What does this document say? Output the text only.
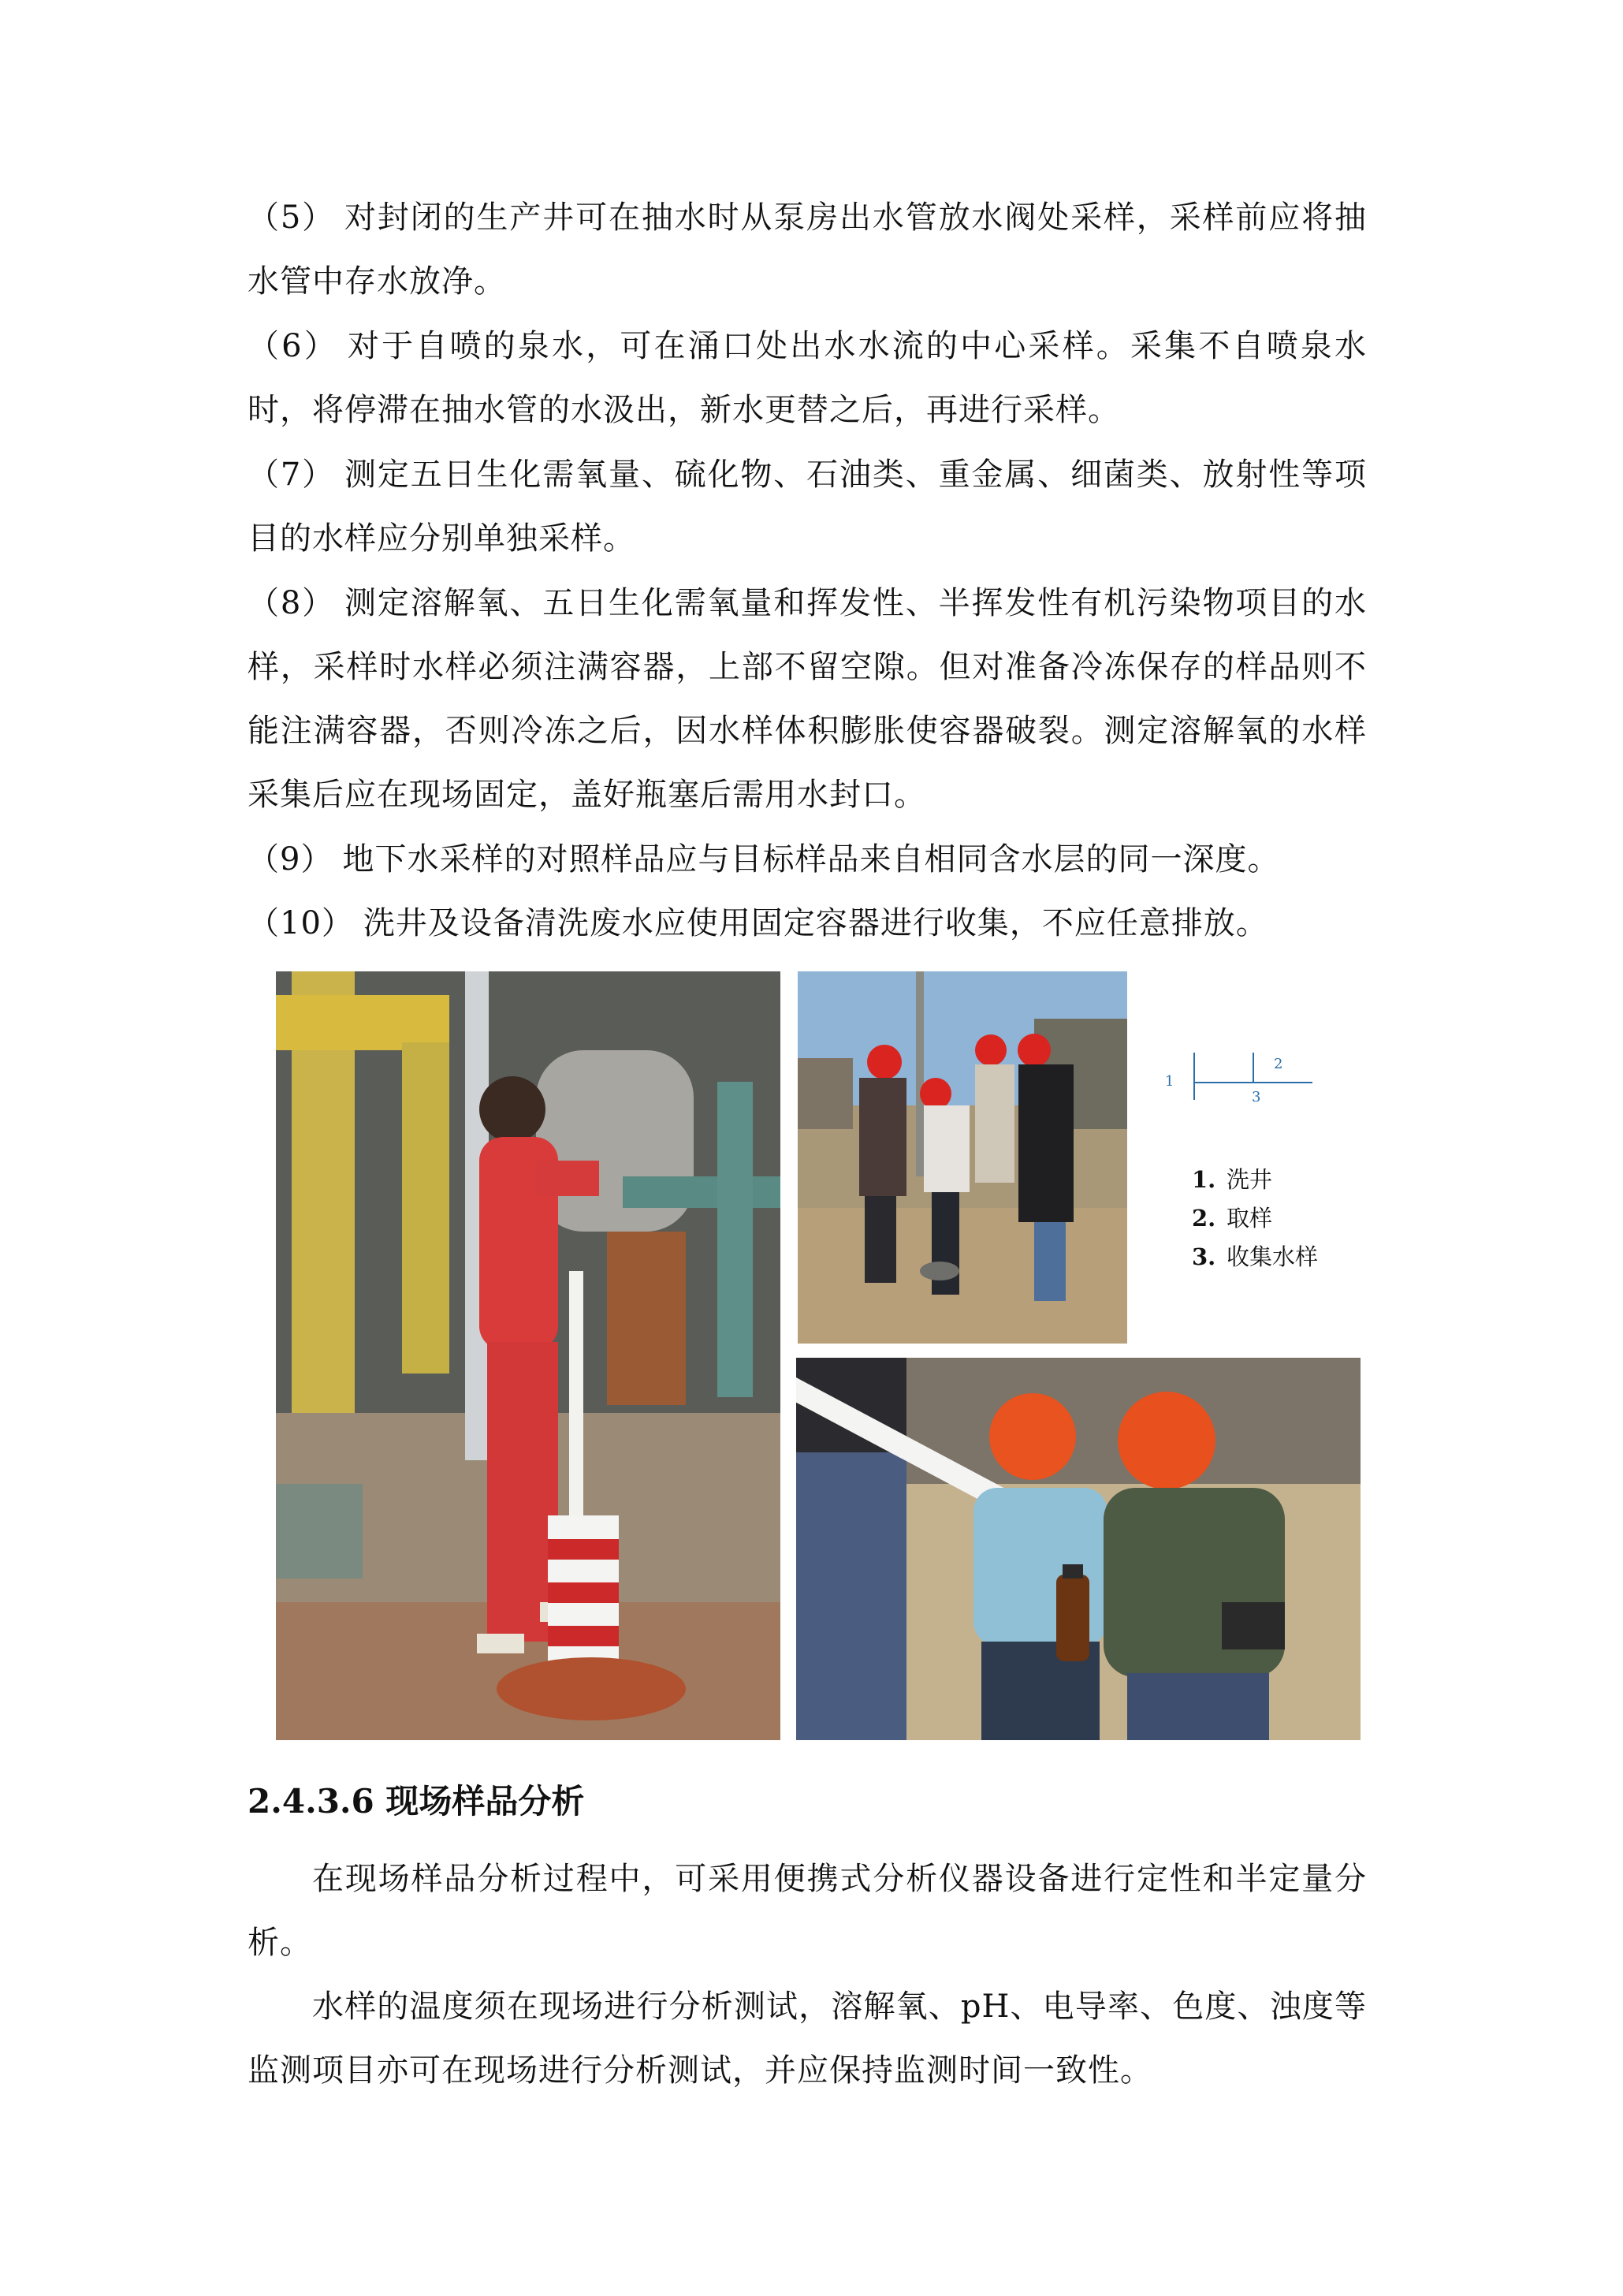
（5） 对封闭的生产井可在抽水时从泵房出水管放水阀处采样，采样前应将抽水管中存水放净。

（6） 对于自喷的泉水，可在涌口处出水水流的中心采样。采集不自喷泉水时，将停滞在抽水管的水汲出，新水更替之后，再进行采样。

（7） 测定五日生化需氧量、硫化物、石油类、重金属、细菌类、放射性等项目的水样应分别单独采样。

（8） 测定溶解氧、五日生化需氧量和挥发性、半挥发性有机污染物项目的水样，采样时水样必须注满容器，上部不留空隙。但对准备冷冻保存的样品则不能注满容器，否则冷冻之后，因水样体积膨胀使容器破裂。测定溶解氧的水样采集后应在现场固定，盖好瓶塞后需用水封口。

（9） 地下水采样的对照样品应与目标样品来自相同含水层的同一深度。

（10） 洗井及设备清洗废水应使用固定容器进行收集，不应任意排放。

1
2
3
1. 洗井
2. 取样
3. 收集水样
2.4.3.6 现场样品分析

在现场样品分析过程中，可采用便携式分析仪器设备进行定性和半定量分析。

水样的温度须在现场进行分析测试，溶解氧、pH、电导率、色度、浊度等监测项目亦可在现场进行分析测试，并应保持监测时间一致性。
